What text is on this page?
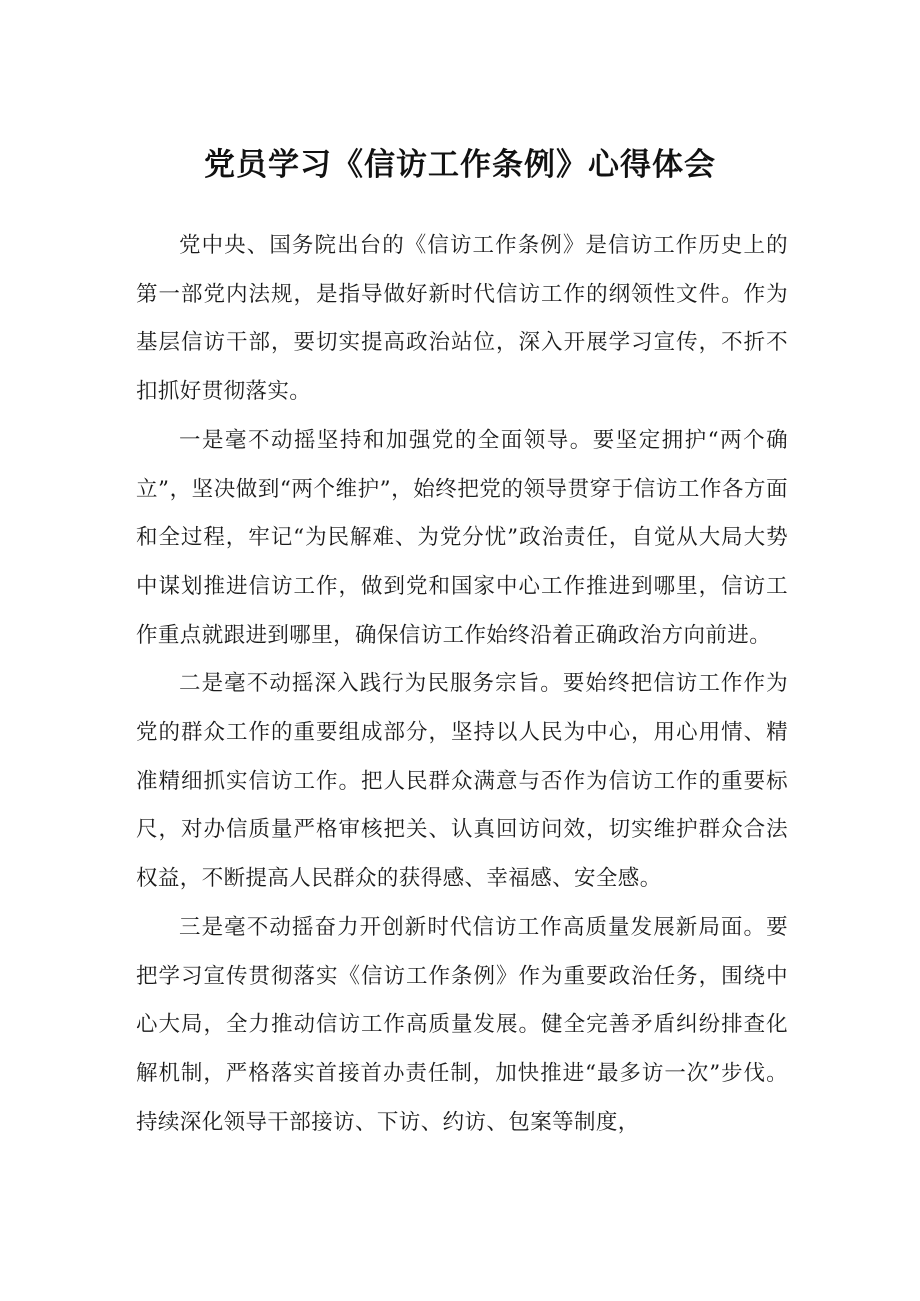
党员学习《信访工作条例》心得体会

党中央、国务院出台的《信访工作条例》是信访工作历史上的第一部党内法规，是指导做好新时代信访工作的纲领性文件。作为基层信访干部，要切实提高政治站位，深入开展学习宣传，不折不扣抓好贯彻落实。

一是毫不动摇坚持和加强党的全面领导。要坚定拥护“两个确立”，坚决做到“两个维护”，始终把党的领导贯穿于信访工作各方面和全过程，牢记“为民解难、为党分忧”政治责任，自觉从大局大势中谋划推进信访工作，做到党和国家中心工作推进到哪里，信访工作重点就跟进到哪里，确保信访工作始终沿着正确政治方向前进。

二是毫不动摇深入践行为民服务宗旨。要始终把信访工作作为党的群众工作的重要组成部分，坚持以人民为中心，用心用情、精准精细抓实信访工作。把人民群众满意与否作为信访工作的重要标尺，对办信质量严格审核把关、认真回访问效，切实维护群众合法权益，不断提高人民群众的获得感、幸福感、安全感。

三是毫不动摇奋力开创新时代信访工作高质量发展新局面。要把学习宣传贯彻落实《信访工作条例》作为重要政治任务，围绕中心大局，全力推动信访工作高质量发展。健全完善矛盾纠纷排查化解机制，严格落实首接首办责任制，加快推进“最多访一次”步伐。持续深化领导干部接访、下访、约访、包案等制度，
